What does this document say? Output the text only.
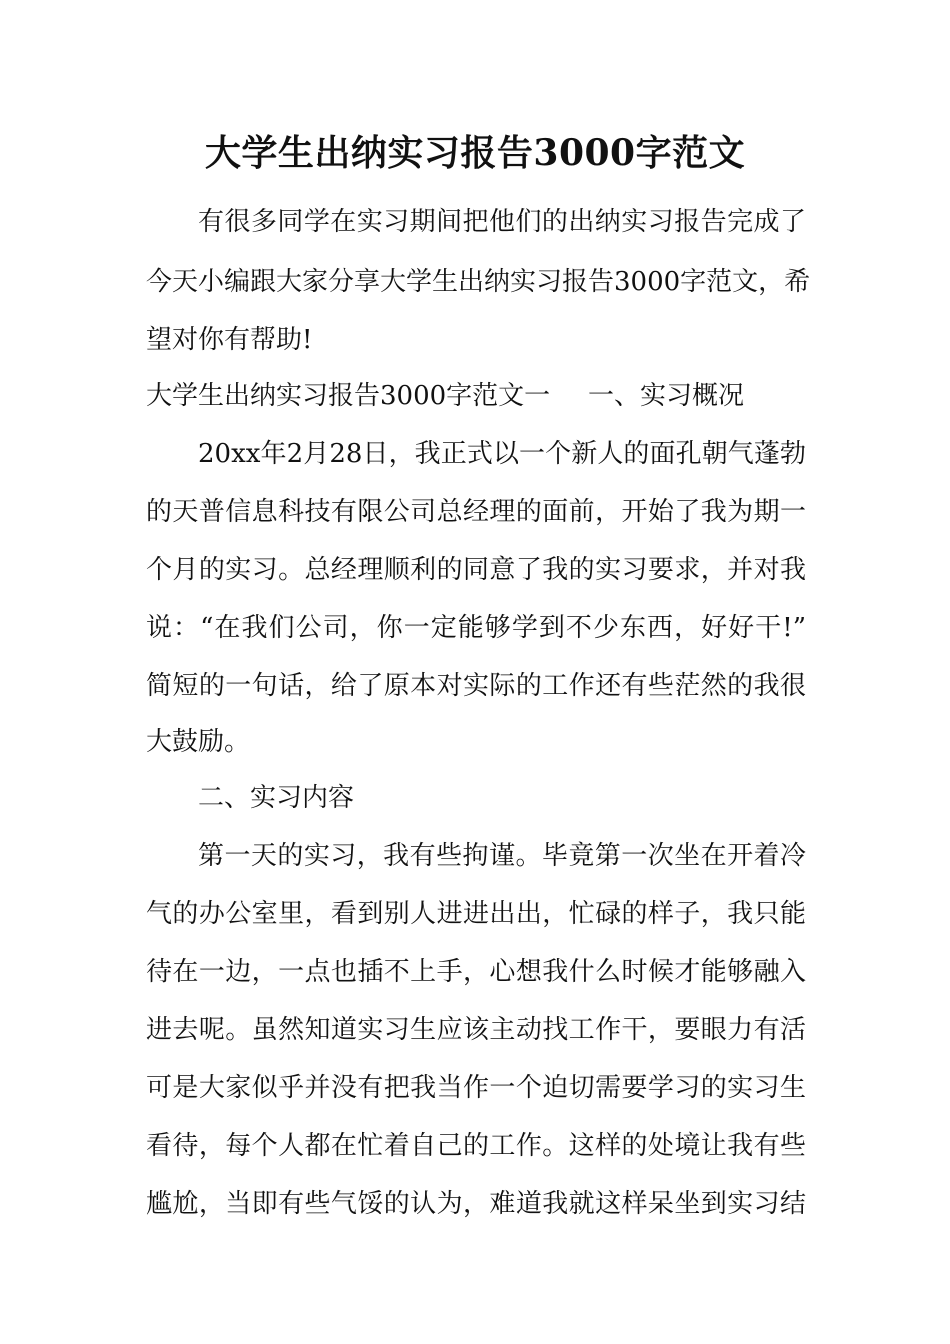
大学生出纳实习报告3000字范文
有很多同学在实习期间把他们的出纳实习报告完成了
今天小编跟大家分享大学生出纳实习报告3000字范文，希
望对你有帮助!
大学生出纳实习报告3000字范文一 一、实习概况
20xx年2月28日，我正式以一个新人的面孔朝气蓬勃
的天普信息科技有限公司总经理的面前，开始了我为期一
个月的实习。总经理顺利的同意了我的实习要求，并对我
说：“在我们公司，你一定能够学到不少东西，好好干!”
简短的一句话，给了原本对实际的工作还有些茫然的我很
大鼓励。
二、实习内容
第一天的实习，我有些拘谨。毕竟第一次坐在开着冷
气的办公室里，看到别人进进出出，忙碌的样子，我只能
待在一边，一点也插不上手，心想我什么时候才能够融入
进去呢。虽然知道实习生应该主动找工作干，要眼力有活
可是大家似乎并没有把我当作一个迫切需要学习的实习生
看待，每个人都在忙着自己的工作。这样的处境让我有些
尴尬，当即有些气馁的认为，难道我就这样呆坐到实习结
